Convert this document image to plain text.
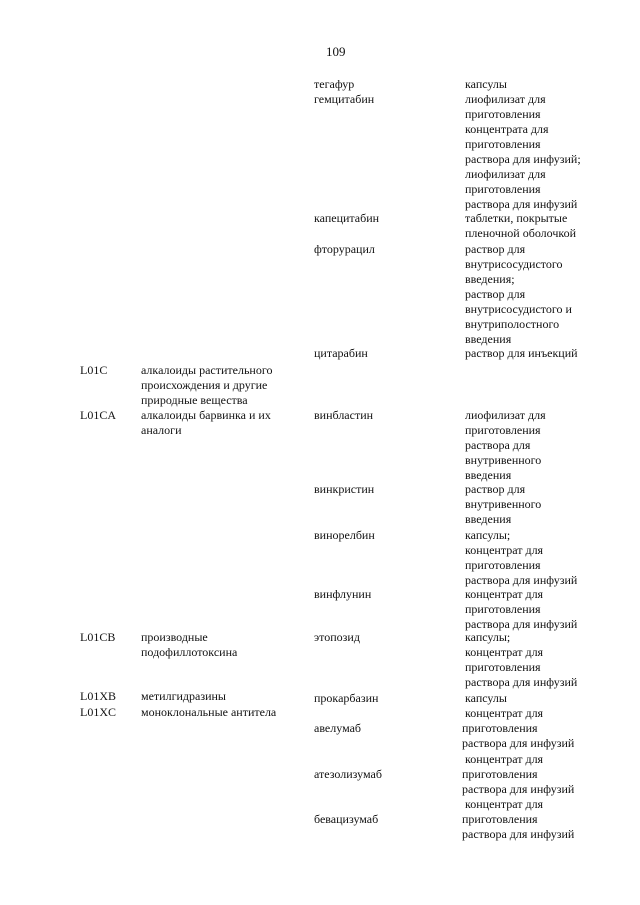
109
L01C
L01CA
L01CB
L01XB
L01XC
алкалоиды растительного
происхождения и другие
природные вещества
алкалоиды барвинка и их
аналоги
производные
подофиллотоксина
метилгидразины
моноклональные антитела
тегафур
гемцитабин
капецитабин
фторурацил
цитарабин
винбластин
винкристин
винорелбин
винфлунин
этопозид
прокарбазин
авелумаб
атезолизумаб
бевацизумаб
капсулы
лиофилизат для
приготовления
концентрата для
приготовления
раствора для инфузий;
лиофилизат для
приготовления
раствора для инфузий
таблетки, покрытые
пленочной оболочкой
раствор для
внутрисосудистого
введения;
раствор для
внутрисосудистого и
внутриполостного
введения
раствор для инъекций
лиофилизат для
приготовления
раствора для
внутривенного
введения
раствор для
внутривенного
введения
капсулы;
концентрат для
приготовления
раствора для инфузий
концентрат для
приготовления
раствора для инфузий
капсулы;
концентрат для
приготовления
раствора для инфузий
капсулы
концентрат для
приготовления
раствора для инфузий
концентрат для
приготовления
раствора для инфузий
концентрат для
приготовления
раствора для инфузий
